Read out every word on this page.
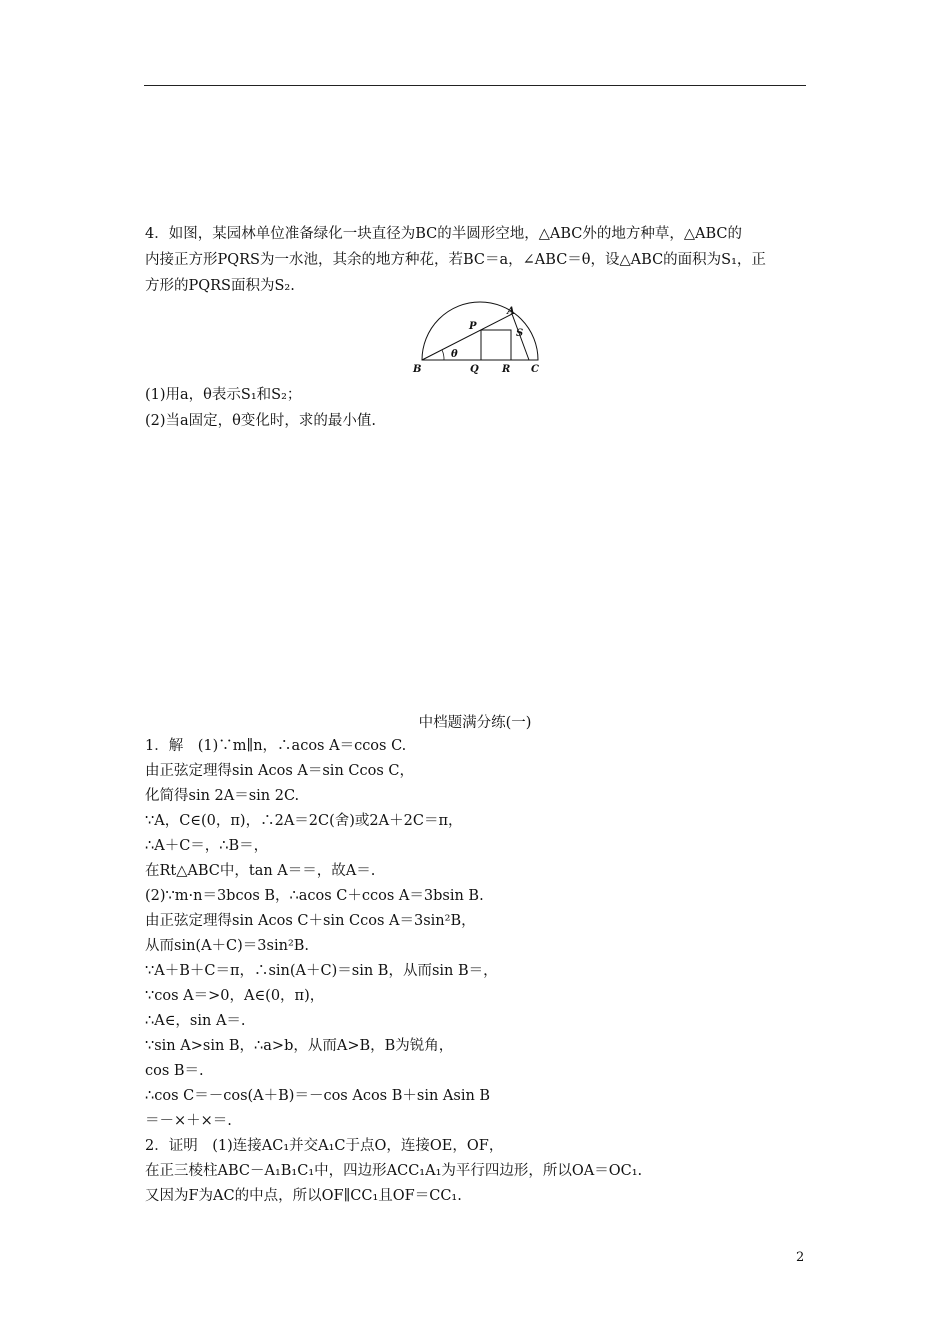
4．如图，某园林单位准备绿化一块直径为BC的半圆形空地，△ABC外的地方种草，△ABC的
内接正方形PQRS为一水池，其余的地方种花，若BC＝a，∠ABC＝θ，设△ABC的面积为S₁，正
方形的PQRS面积为S₂.
B	Q R C
P
A
S
θ
(1)用a，θ表示S₁和S₂；
(2)当a固定，θ变化时，求的最小值.
中档题满分练(一)
1．解　(1)∵m∥n，∴acos A＝ccos C.
由正弦定理得sin Acos A＝sin Ccos C，
化简得sin 2A＝sin 2C.
∵A，C∈(0，π)，∴2A＝2C(舍)或2A＋2C＝π，
∴A＋C＝，∴B＝，
在Rt△ABC中，tan A＝＝，故A＝.
(2)∵m·n＝3bcos B，∴acos C＋ccos A＝3bsin B.
由正弦定理得sin Acos C＋sin Ccos A＝3sin²B，
从而sin(A＋C)＝3sin²B.
∵A＋B＋C＝π，∴sin(A＋C)＝sin B，从而sin B＝，
∵cos A＝>0，A∈(0，π)，
∴A∈，sin A＝.
∵sin A>sin B，∴a>b，从而A>B，B为锐角，
cos B＝.
∴cos C＝－cos(A＋B)＝－cos Acos B＋sin Asin B
＝－×＋×＝.
2．证明　(1)连接AC₁并交A₁C于点O，连接OE，OF，
在正三棱柱ABC－A₁B₁C₁中，四边形ACC₁A₁为平行四边形，所以OA＝OC₁.
又因为F为AC的中点，所以OF∥CC₁且OF＝CC₁.
2
